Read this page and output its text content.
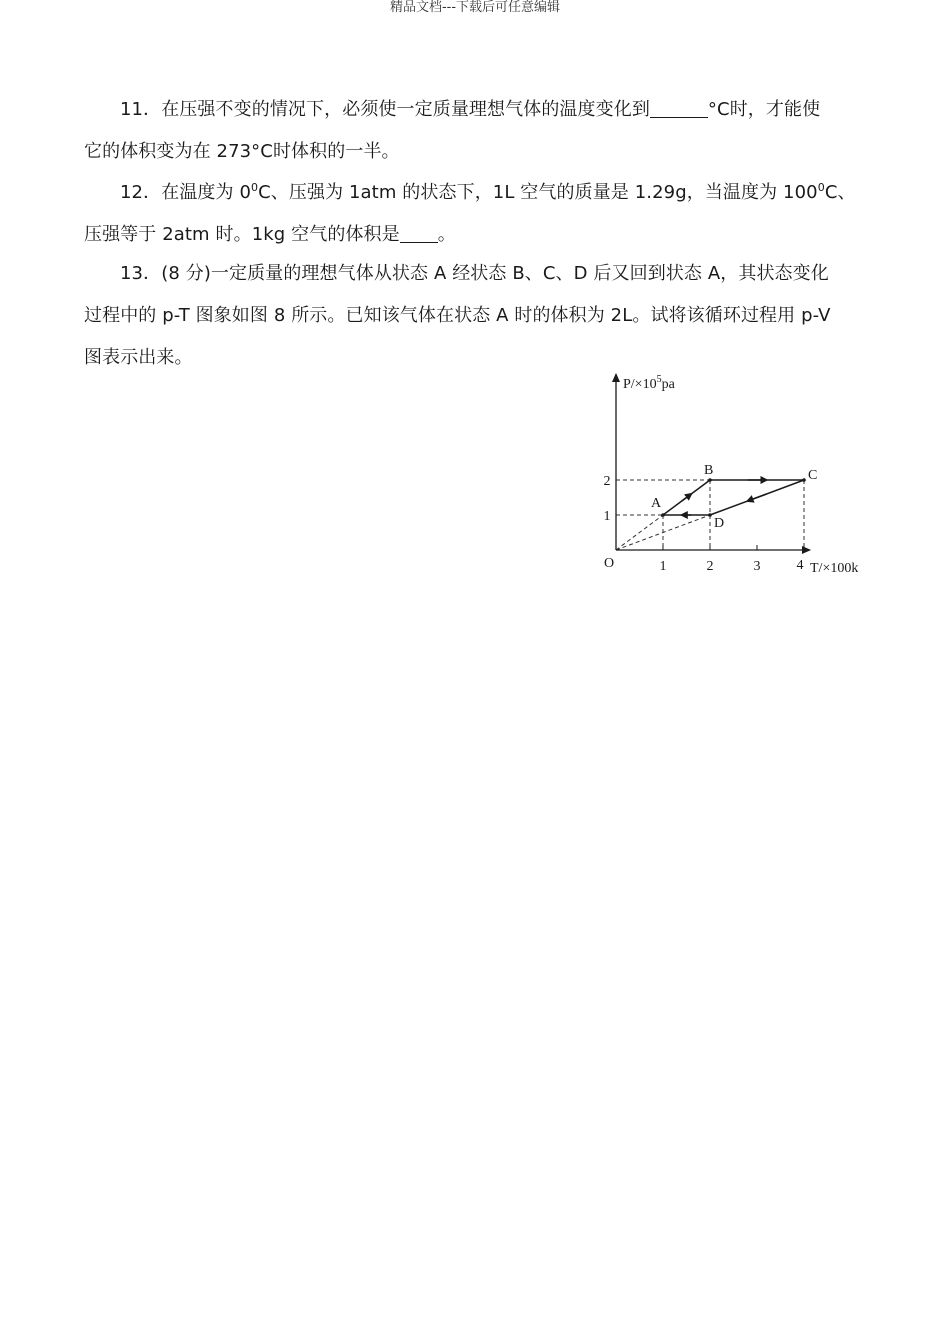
精品文档---下载后可任意编辑
11．在压强不变的情况下，必须使一定质量理想气体的温度变化到	°C时，才能使
它的体积变为在 273°C时体积的一半。
12．在温度为 $0^0C$、压强为 1atm 的状态下，1L 空气的质量是 1.29g，当温度为 $100^0C$、
压强等于 2atm 时。1kg 空气的体积是 。
13．(8 分)一定质量的理想气体从状态 A 经状态 B、C、D 后又回到状态 A，其状态变化
过程中的 p-T 图象如图 8 所示。已知该气体在状态 A 时的体积为 2L。试将该循环过程用 p-V
图表示出来。
$P/\times 10^5pa$
T/×100k
O	1	2	3	4
1
2
A
B	C
D
